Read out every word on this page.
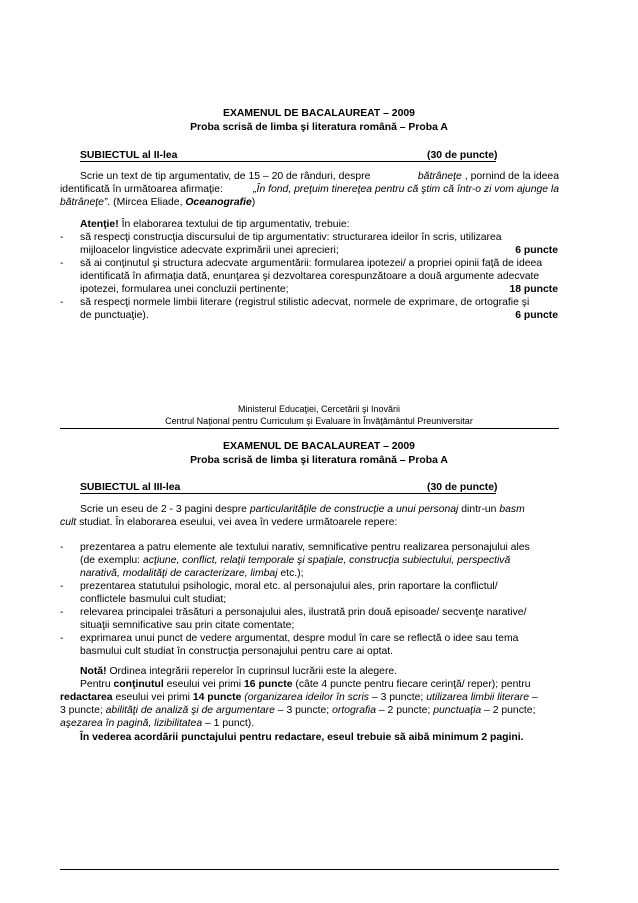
EXAMENUL DE BACALAUREAT – 2009
Proba scrisă de limba şi literatura română – Proba A
SUBIECTUL al II-lea	(30 de puncte)
Scrie un text de tip argumentativ, de 15 – 20 de rânduri, despre	bătrâneţe , pornind de la ideea
identificată în următoarea afirmaţie:	„În fond, preţuim tinereţea pentru că ştim că într-o zi vom ajunge la
bătrâneţe”. (Mircea Eliade, Oceanografie)
Atenţie! În elaborarea textului de tip argumentativ, trebuie:
- să respecţi construcţia discursului de tip argumentativ: structurarea ideilor în scris, utilizarea
mijloacelor lingvistice adecvate exprimării unei aprecieri;	6 puncte
- să ai conţinutul şi structura adecvate argumentării: formularea ipotezei/ a propriei opinii faţă de ideea
identificată în afirmaţia dată, enunţarea şi dezvoltarea corespunzătoare a două argumente adecvate
ipotezei, formularea unei concluzii pertinente;	18 puncte
- să respecţi normele limbii literare (registrul stilistic adecvat, normele de exprimare, de ortografie şi
de punctuaţie).	6 puncte
Ministerul Educaţiei, Cercetării şi Inovării
Centrul Naţional pentru Curriculum şi Evaluare în Învăţământul Preuniversitar
EXAMENUL DE BACALAUREAT – 2009
Proba scrisă de limba şi literatura română – Proba A
SUBIECTUL al III-lea	(30 de puncte)
Scrie un eseu de 2 - 3 pagini despre particularităţile de construcţie a unui personaj dintr-un basm
cult studiat. În elaborarea eseului, vei avea în vedere următoarele repere:
- prezentarea a patru elemente ale textului narativ, semnificative pentru realizarea personajului ales
(de exemplu: acţiune, conflict, relaţii temporale şi spaţiale, construcţia subiectului, perspectivă
narativă, modalităţi de caracterizare, limbaj etc.);
- prezentarea statutului psihologic, moral etc. al personajului ales, prin raportare la conflictul/
conflictele basmului cult studiat;
- relevarea principalei trăsături a personajului ales, ilustrată prin două episoade/ secvenţe narative/
situaţii semnificative sau prin citate comentate;
- exprimarea unui punct de vedere argumentat, despre modul în care se reflectă o idee sau tema
basmului cult studiat în construcţia personajului pentru care ai optat.
Notă! Ordinea integrării reperelor în cuprinsul lucrării este la alegere.
Pentru conţinutul eseului vei primi 16 puncte (câte 4 puncte pentru fiecare cerinţă/ reper); pentru
redactarea eseului vei primi 14 puncte (organizarea ideilor în scris – 3 puncte; utilizarea limbii literare –
3 puncte; abilităţi de analiză şi de argumentare – 3 puncte; ortografia – 2 puncte; punctuaţia – 2 puncte;
aşezarea în pagină, lizibilitatea – 1 punct).
În vederea acordării punctajului pentru redactare, eseul trebuie să aibă minimum 2 pagini.
